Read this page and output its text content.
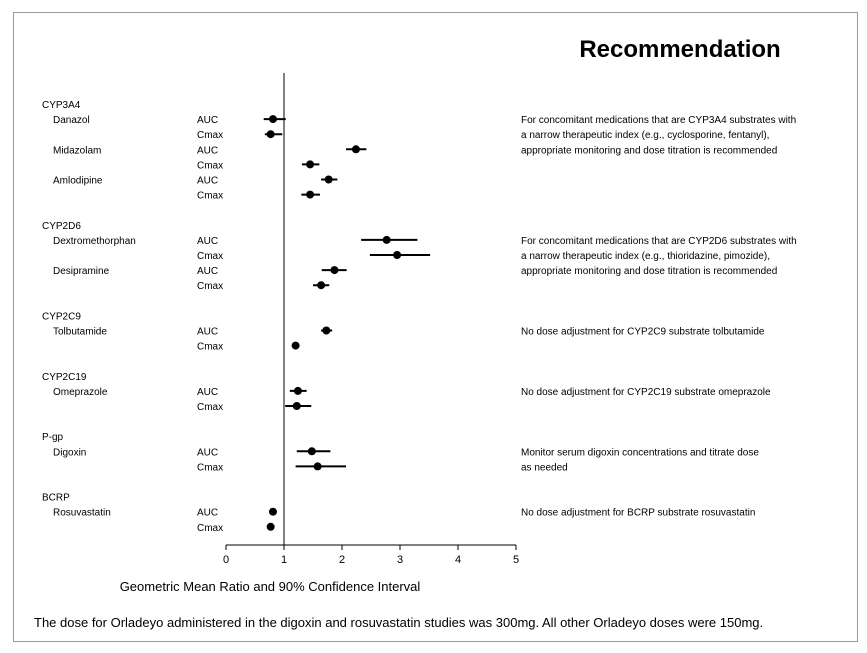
CYP3A4
Danazol	AUC
Cmax
Midazolam	AUC
Cmax
Amlodipine	AUC
Cmax
For concomitant medications that are CYP3A4 substrates with
a narrow therapeutic index (e.g., cyclosporine, fentanyl),
appropriate monitoring and dose titration is recommended
CYP2D6
Dextromethorphan	AUC
Cmax
Desipramine	AUC
Cmax
For concomitant medications that are CYP2D6 substrates with
a narrow therapeutic index (e.g., thioridazine, pimozide),
appropriate monitoring and dose titration is recommended
CYP2C9
Tolbutamide	AUC
Cmax
No dose adjustment for CYP2C9 substrate tolbutamide
CYP2C19
Omeprazole	AUC
Cmax
No dose adjustment for CYP2C19 substrate omeprazole
P-gp
Digoxin	AUC
Cmax
Monitor serum digoxin concentrations and titrate dose
as needed
BCRP
Rosuvastatin	AUC
Cmax
No dose adjustment for BCRP substrate rosuvastatin
0	1	2	3	4	5
Recommendation
Geometric Mean Ratio and 90% Confidence Interval
The dose for Orladeyo administered in the digoxin and rosuvastatin studies was 300mg. All other Orladeyo doses were 150mg.
